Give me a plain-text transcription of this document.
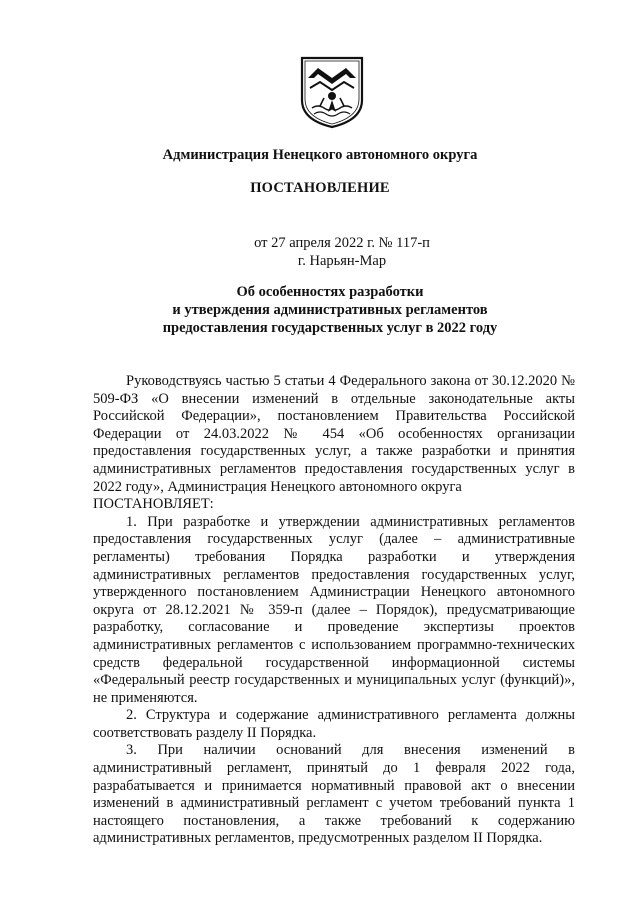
Администрация Ненецкого автономного округа
ПОСТАНОВЛЕНИЕ
от 27 апреля 2022 г. № 117-п
г. Нарьян-Мар
Об особенностях разработки
и утверждения административных регламентов
предоставления государственных услуг в 2022 году

Руководствуясь частью 5 статьи 4 Федерального закона от 30.12.2020 № 509-ФЗ «О внесении изменений в отдельные законодательные акты Российской Федерации», постановлением Правительства Российской Федерации от 24.03.2022 № 454 «Об особенностях организации предоставления государственных услуг, а также разработки и принятия административных регламентов предоставления государственных услуг в 2022 году», Администрация Ненецкого автономного округа

ПОСТАНОВЛЯЕТ:

1. При разработке и утверждении административных регламентов предоставления государственных услуг (далее – административные регламенты) требования Порядка разработки и утверждения административных регламентов предоставления государственных услуг, утвержденного постановлением Администрации Ненецкого автономного округа от 28.12.2021 № 359-п (далее – Порядок), предусматривающие разработку, согласование и проведение экспертизы проектов административных регламентов с использованием программно-технических средств федеральной государственной информационной системы «Федеральный реестр государственных и муниципальных услуг (функций)», не применяются.

2. Структура и содержание административного регламента должны соответствовать разделу II Порядка.

3. При наличии оснований для внесения изменений в административный регламент, принятый до 1 февраля 2022 года, разрабатывается и принимается нормативный правовой акт о внесении изменений в административный регламент с учетом требований пункта 1 настоящего постановления, а также требований к содержанию административных регламентов, предусмотренных разделом II Порядка.
